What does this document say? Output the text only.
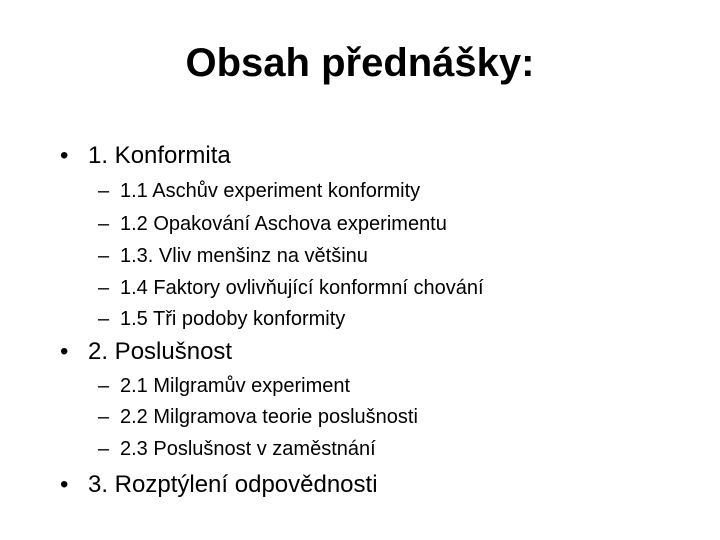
Obsah přednášky:
• 1. Konformita
– 1.1 Aschův experiment konformity
– 1.2 Opakování Aschova experimentu
– 1.3. Vliv menšinz na většinu
– 1.4 Faktory ovlivňující konformní chování
– 1.5 Tři podoby konformity
• 2. Poslušnost
– 2.1 Milgramův experiment
– 2.2 Milgramova teorie poslušnosti
– 2.3 Poslušnost v zaměstnání
• 3. Rozptýlení odpovědnosti
